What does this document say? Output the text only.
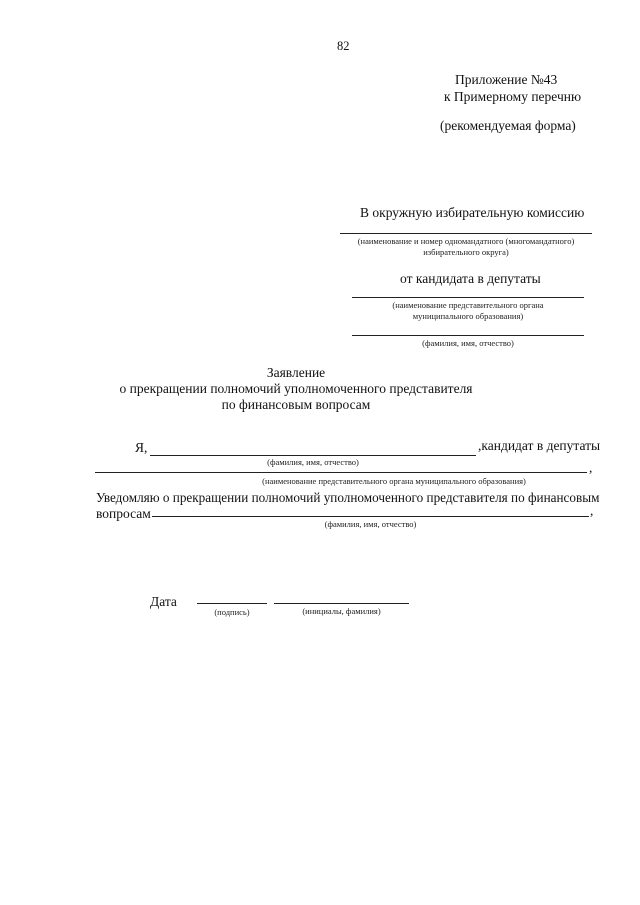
82
Приложение №43
к Примерному перечню
(рекомендуемая форма)
В окружную избирательную комиссию
(наименование и номер одномандатного (многомандатного)
избирательного округа)
от кандидата в депутаты
(наименование представительного органа
муниципального образования)
(фамилия, имя, отчество)
Заявление
о прекращении полномочий уполномоченного представителя
по финансовым вопросам
Я,	,кандидат в депутаты
(фамилия, имя, отчество)	,
(наименование представительного органа муниципального образования)
Уведомляю о прекращении полномочий уполномоченного представителя по финансовым
вопросам	,
(фамилия, имя, отчество)
Дата
(подпись)	(инициалы, фамилия)
